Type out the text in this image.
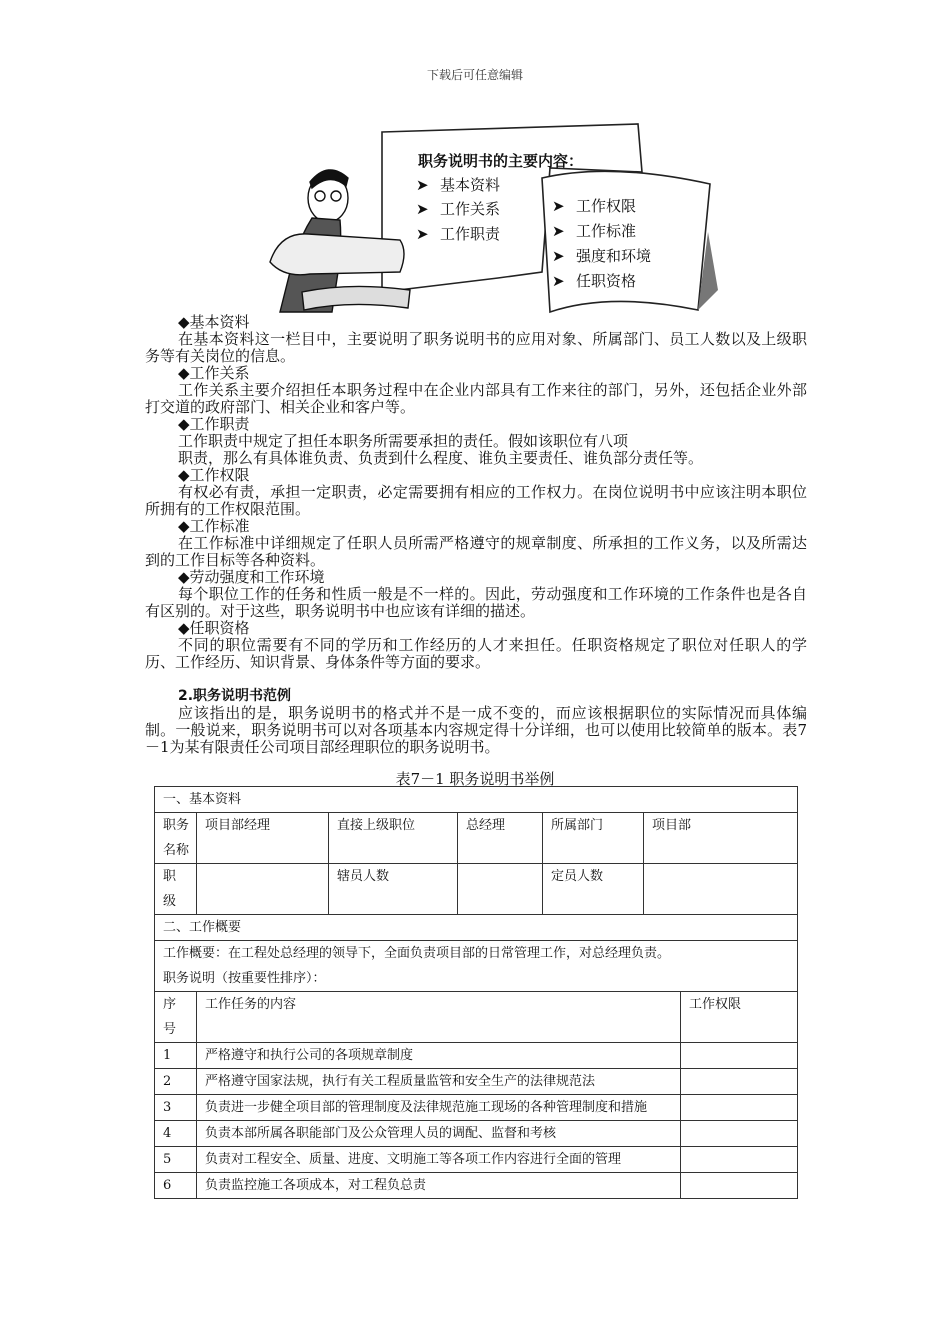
下载后可任意编辑
职务说明书的主要内容：
➤ 基本资料
➤ 工作关系
➤ 工作职责
➤ 工作权限
➤ 工作标准
➤ 强度和环境
➤ 任职资格

◆基本资料

在基本资料这一栏目中，主要说明了职务说明书的应用对象、所属部门、员工人数以及上级职务等有关岗位的信息。

◆工作关系

工作关系主要介绍担任本职务过程中在企业内部具有工作来往的部门，另外，还包括企业外部打交道的政府部门、相关企业和客户等。

◆工作职责

工作职责中规定了担任本职务所需要承担的责任。假如该职位有八项

职责，那么有具体谁负责、负责到什么程度、谁负主要责任、谁负部分责任等。

◆工作权限

有权必有责，承担一定职责，必定需要拥有相应的工作权力。在岗位说明书中应该注明本职位所拥有的工作权限范围。

◆工作标准

在工作标准中详细规定了任职人员所需严格遵守的规章制度、所承担的工作义务，以及所需达到的工作目标等各种资料。

◆劳动强度和工作环境

每个职位工作的任务和性质一般是不一样的。因此，劳动强度和工作环境的工作条件也是各自有区别的。对于这些，职务说明书中也应该有详细的描述。

◆任职资格

不同的职位需要有不同的学历和工作经历的人才来担任。任职资格规定了职位对任职人的学历、工作经历、知识背景、身体条件等方面的要求。

2.职务说明书范例

应该指出的是，职务说明书的格式并不是一成不变的，而应该根据职位的实际情况而具体编制。一般说来，职务说明书可以对各项基本内容规定得十分详细，也可以使用比较简单的版本。表7－1为某有限责任公司项目部经理职位的职务说明书。

表7－1 职务说明书举例
一、基本资料						
职务名称	项目部经理	直接上级职位	总经理	所属部门	项目部	
职级		辖员人数		定员人数		
二、工作概要						

工作概要：在工程处总经理的领导下，全面负责项目部的日常管理工作，对总经理负责。
职务说明（按重要性排序）：						

序号	工作任务的内容					工作权限
1	严格遵守和执行公司的各项规章制度					
2	严格遵守国家法规，执行有关工程质量监管和安全生产的法律规范法					
3	负责进一步健全项目部的管理制度及法律规范施工现场的各种管理制度和措施					
4	负责本部所属各职能部门及公众管理人员的调配、监督和考核					
5	负责对工程安全、质量、进度、文明施工等各项工作内容进行全面的管理					
6	负责监控施工各项成本，对工程负总责					
